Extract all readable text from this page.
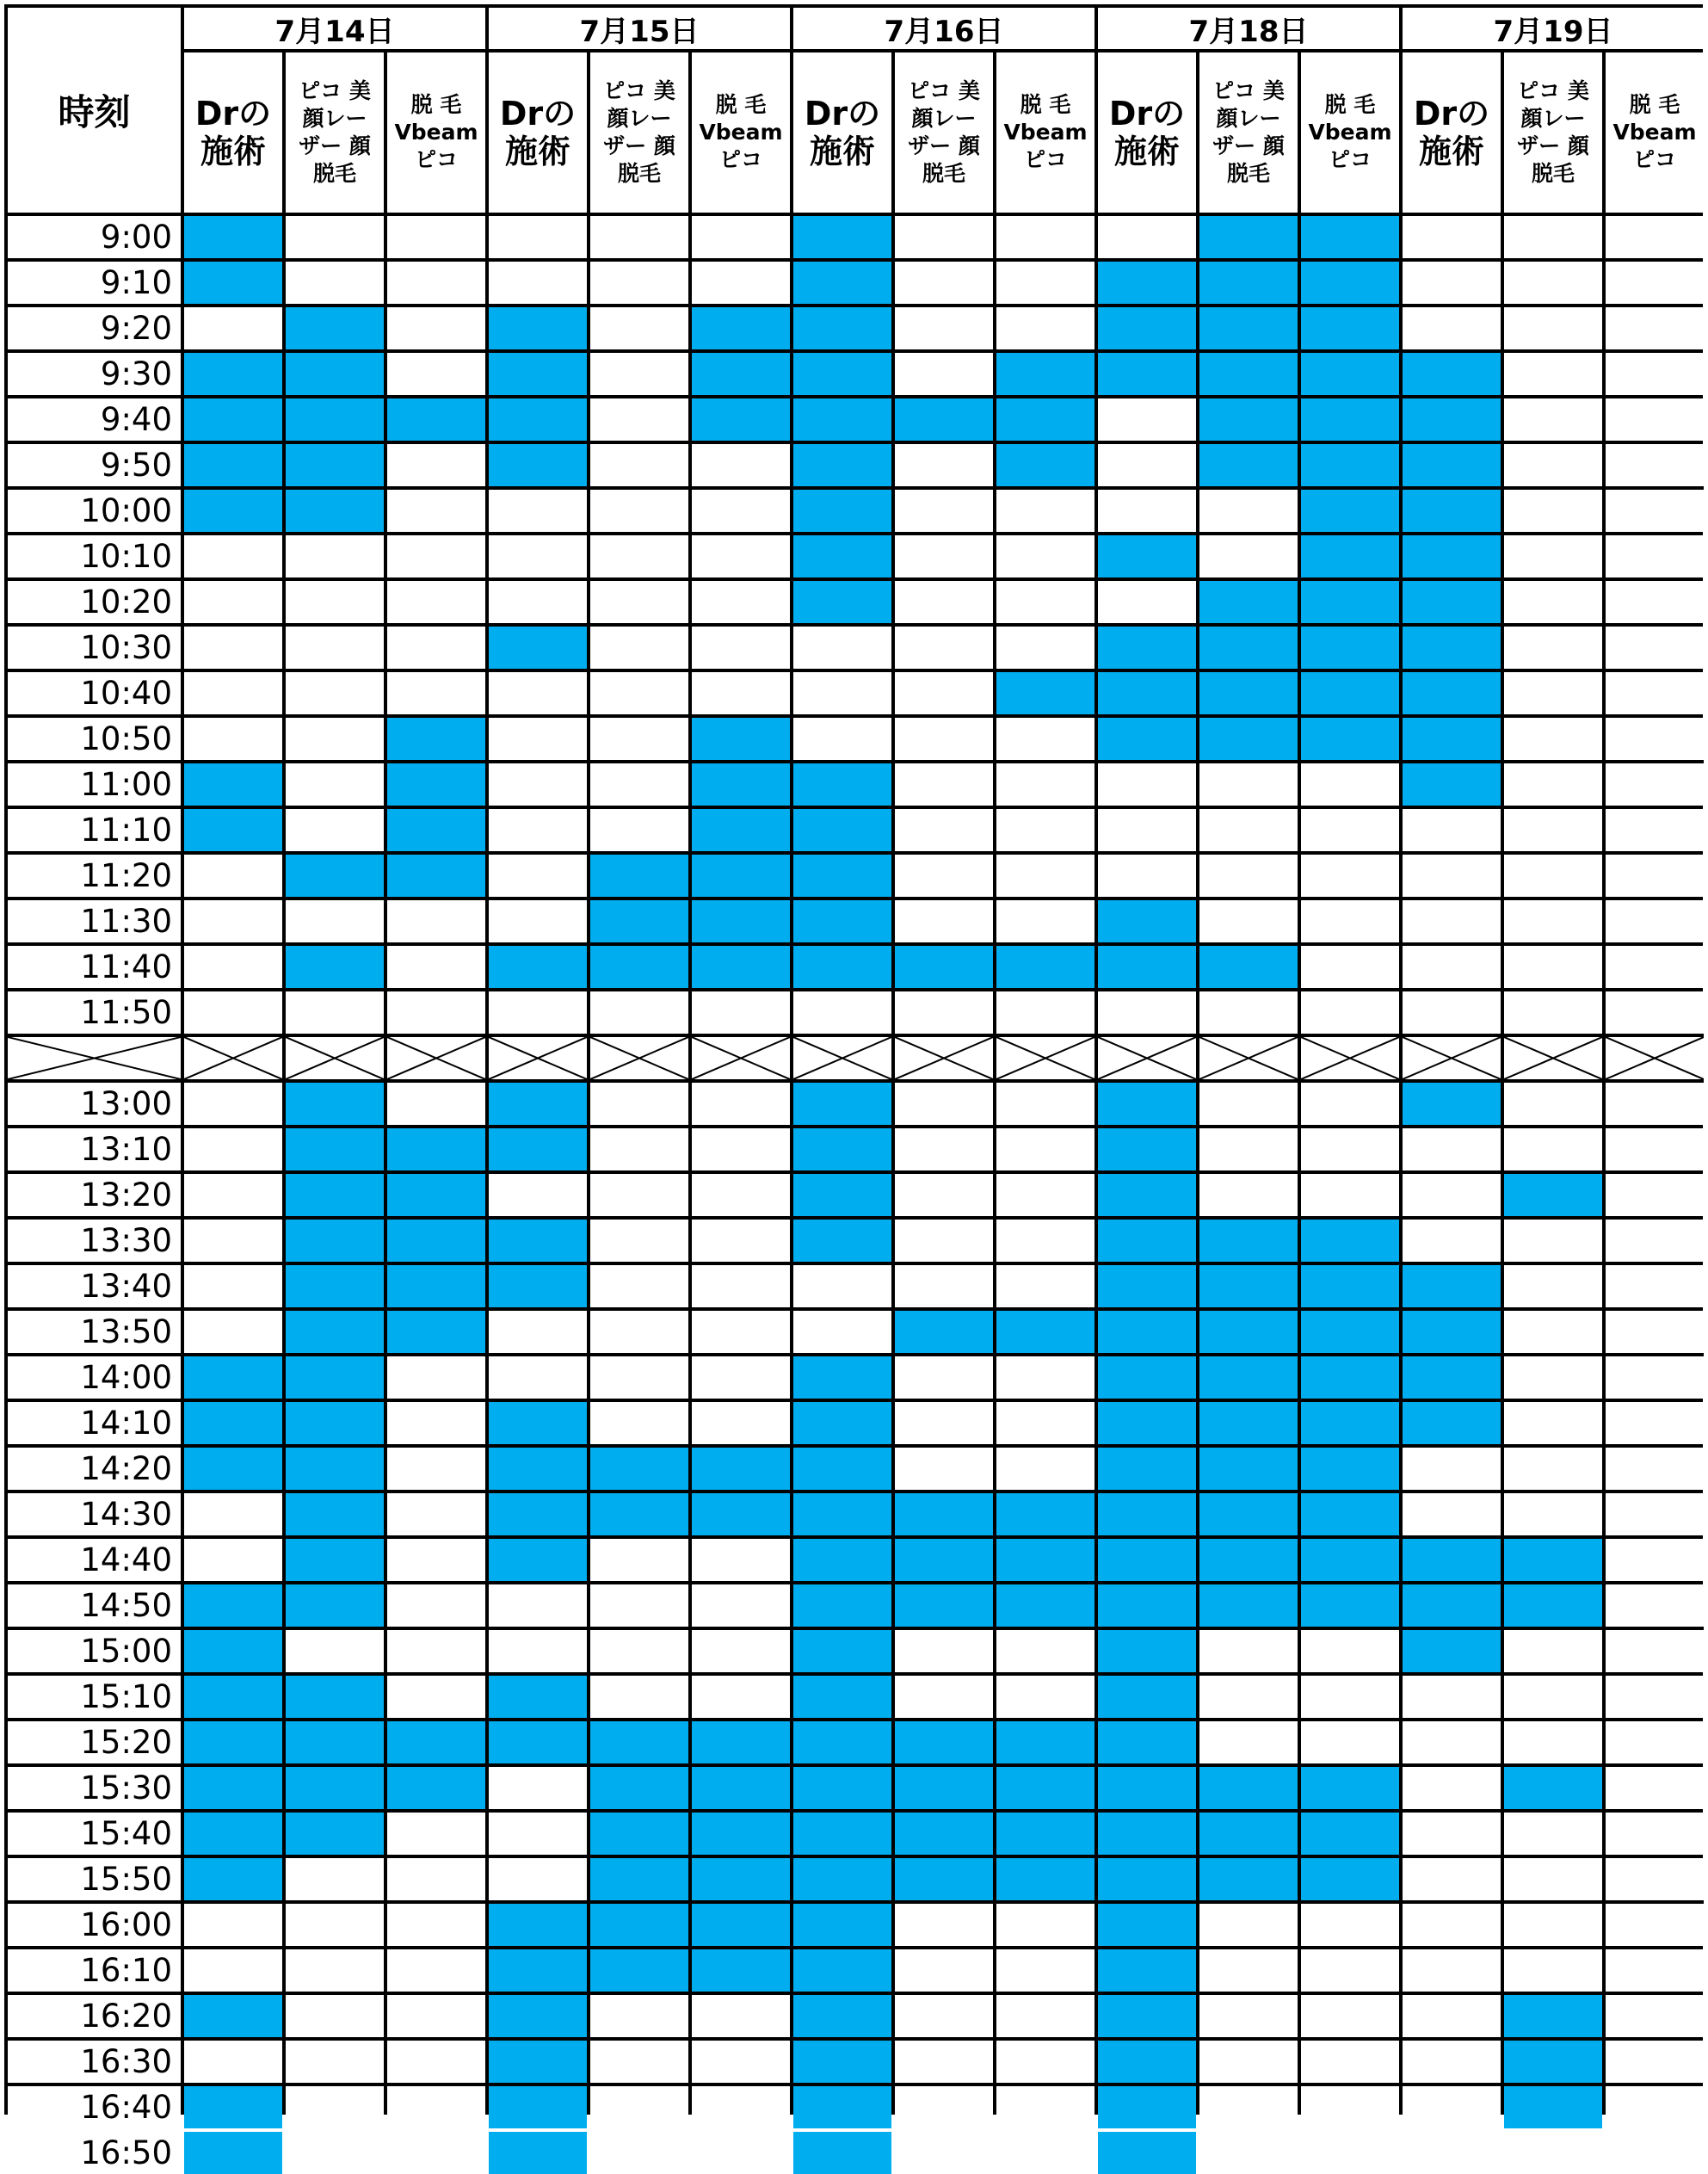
時刻
7月14日
Drの
施術
ピコ 美
顔レー
ザー 顔
脱毛
脱 毛
Vbeam
ピコ
7月15日
Drの
施術
ピコ 美
顔レー
ザー 顔
脱毛
脱 毛
Vbeam
ピコ
7月16日
Drの
施術
ピコ 美
顔レー
ザー 顔
脱毛
脱 毛
Vbeam
ピコ
7月18日
Drの
施術
ピコ 美
顔レー
ザー 顔
脱毛
脱 毛
Vbeam
ピコ
7月19日
Drの
施術
ピコ 美
顔レー
ザー 顔
脱毛
脱 毛
Vbeam
ピコ
9:00
9:10
9:20
9:30
9:40
9:50
10:00
10:10
10:20
10:30
10:40
10:50
11:00
11:10
11:20
11:30
11:40
11:50
13:00
13:10
13:20
13:30
13:40
13:50
14:00
14:10
14:20
14:30
14:40
14:50
15:00
15:10
15:20
15:30
15:40
15:50
16:00
16:10
16:20
16:30
16:40
16:50
